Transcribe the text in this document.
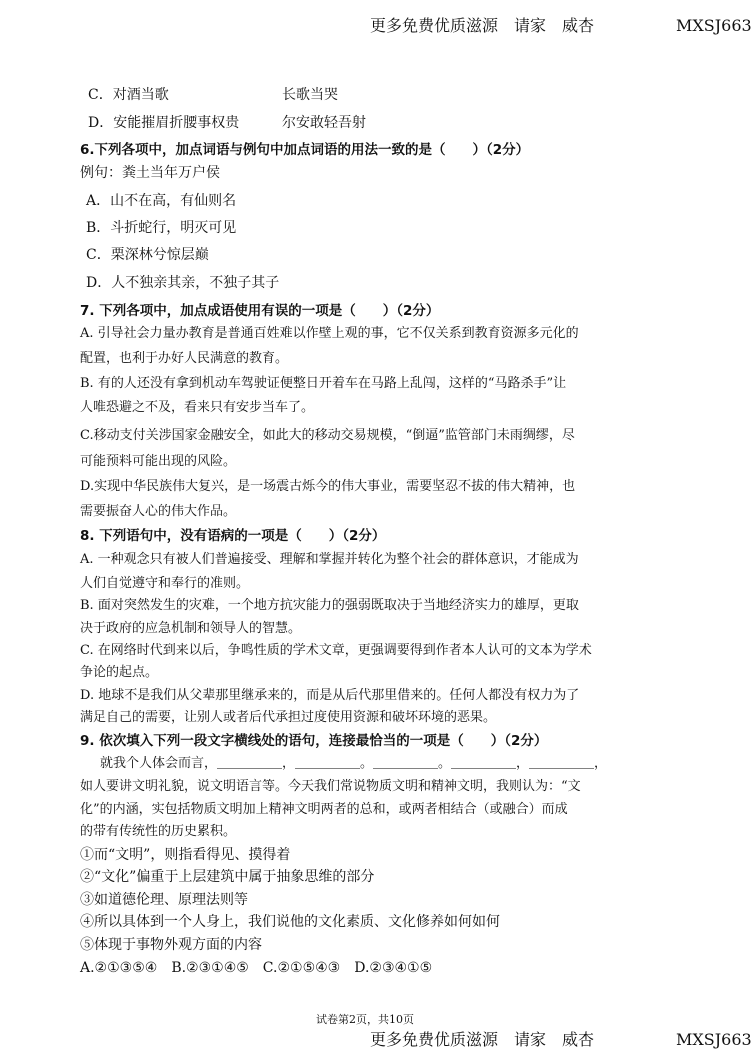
更多免费优质滋源　请家　威杏	MXSJ663
C．对酒当歌	长歌当哭
D．安能摧眉折腰事权贵	尔安敢轻吾射
6.下列各项中，加点词语与例句中加点词语的用法一致的是（　　）（2分）
例句：粪土当年万户侯
A．山不在高，有仙则名
B．斗折蛇行，明灭可见
C．栗深林兮惊层巅
D．人不独亲其亲，不独子其子
7. 下列各项中，加点成语使用有误的一项是（　　）（2分）
A. 引导社会力量办教育是普通百姓难以作壁上观的事，它不仅关系到教育资源多元化的
配置，也利于办好人民满意的教育。
B. 有的人还没有拿到机动车驾驶证便整日开着车在马路上乱闯，这样的“马路杀手”让
人唯恐避之不及，看来只有安步当车了。
C.移动支付关涉国家金融安全，如此大的移动交易规模，“倒逼”监管部门未雨绸缪，尽
可能预料可能出现的风险。
D.实现中华民族伟大复兴，是一场震古烁今的伟大事业，需要坚忍不拔的伟大精神，也
需要振奋人心的伟大作品。
8. 下列语句中，没有语病的一项是（　　）（2分）
A. 一种观念只有被人们普遍接受、理解和掌握并转化为整个社会的群体意识，才能成为
人们自觉遵守和奉行的准则。
B. 面对突然发生的灾难，一个地方抗灾能力的强弱既取决于当地经济实力的雄厚，更取
决于政府的应急机制和领导人的智慧。
C. 在网络时代到来以后，争鸣性质的学术文章，更强调要得到作者本人认可的文本为学术
争论的起点。
D. 地球不是我们从父辈那里继承来的，而是从后代那里借来的。任何人都没有权力为了
满足自己的需要，让别人或者后代承担过度使用资源和破坏环境的恶果。
9. 依次填入下列一段文字横线处的语句，连接最恰当的一项是（　　）（2分）
就我个人体会而言，＿＿＿＿＿，＿＿＿＿＿。＿＿＿＿＿。＿＿＿＿＿，＿＿＿＿＿，
如人要讲文明礼貌，说文明语言等。今天我们常说物质文明和精神文明，我则认为：“文
化”的内涵，实包括物质文明加上精神文明两者的总和，或两者相结合（或融合）而成
的带有传统性的历史累积。
①而“文明”，则指看得见、摸得着
②“文化”偏重于上层建筑中属于抽象思维的部分
③如道德伦理、原理法则等
④所以具体到一个人身上，我们说他的文化素质、文化修养如何如何
⑤体现于事物外观方面的内容
A.②①③⑤④　B.②③①④⑤　C.②①⑤④③　D.②③④①⑤
试卷第2页，共10页
更多免费优质滋源　请家　威杏	MXSJ663
